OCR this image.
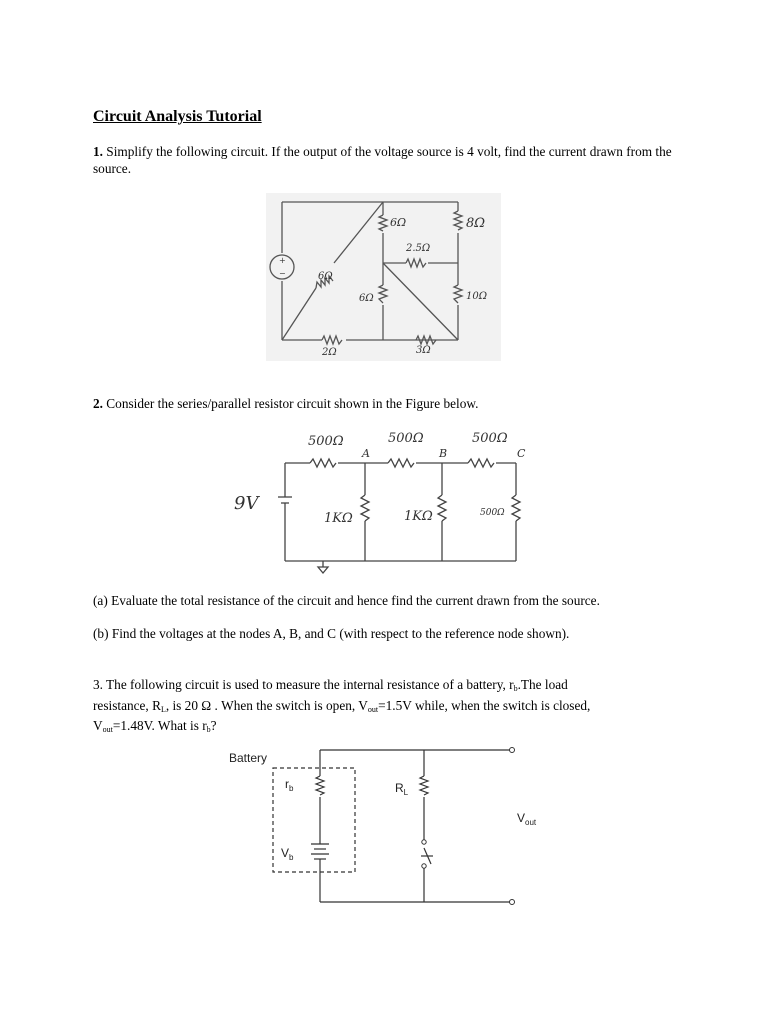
Circuit Analysis Tutorial
1. Simplify the following circuit. If the output of the voltage source is 4 volt, find the current drawn from the source.
+
−
6Ω	8Ω
2.5Ω
6Ω
6Ω	10Ω
2Ω	3Ω
2. Consider the series/parallel resistor circuit shown in the Figure below.
500Ω	500Ω	500Ω
A	B	C
9V
1KΩ	1KΩ	500Ω
(a) Evaluate the total resistance of the circuit and hence find the current drawn from the source.
(b) Find the voltages at the nodes A, B, and C (with respect to the reference node shown).
3. The following circuit is used to measure the internal resistance of a battery, $r_b.The$ load
resistance, $R_L$, is 20 Ω . When the switch is open, $V_{out}=1.5V$ while, when the switch is closed,
$V_{out}=1.48V$. What is $r_b$?
Battery
$r_b$	$R_L$
$V_b$
$V_{out}$
